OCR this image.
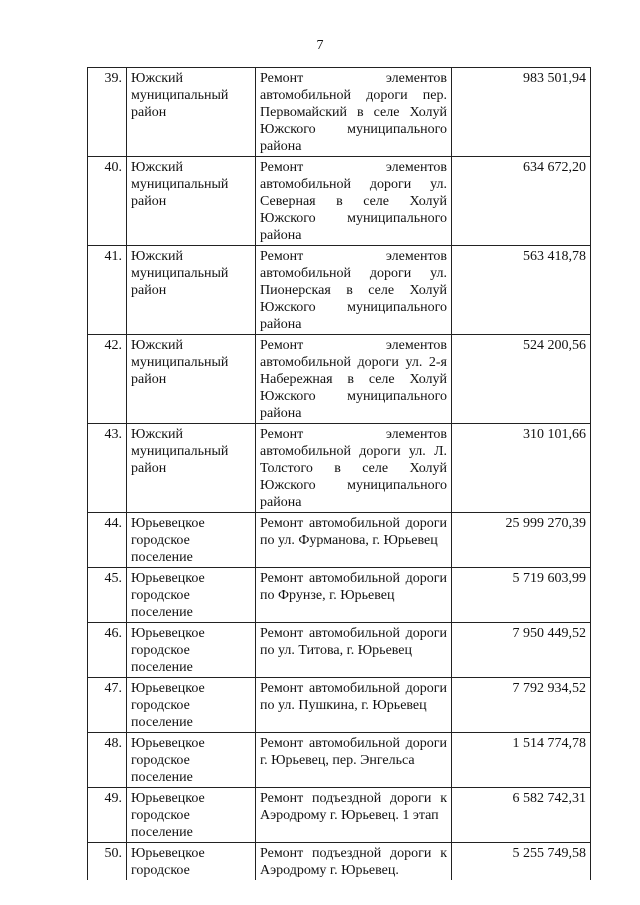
7
39.	Южский муниципальный район	Ремонт элементов автомобильной дороги пер. Первомайский в селе Холуй Южского муниципального района	983 501,94
40.	Южский муниципальный район	Ремонт элементов автомобильной дороги ул. Северная в селе Холуй Южского муниципального района	634 672,20
41.	Южский муниципальный район	Ремонт элементов автомобильной дороги ул. Пионерская в селе Холуй Южского муниципального района	563 418,78
42.	Южский муниципальный район	Ремонт элементов автомобильной дороги ул. 2-я Набережная в селе Холуй Южского муниципального района	524 200,56
43.	Южский муниципальный район	Ремонт элементов автомобильной дороги ул. Л. Толстого в селе Холуй Южского муниципального района	310 101,66
44.	Юрьевецкое городское поселение	Ремонт автомобильной дороги по ул. Фурманова, г. Юрьевец	25 999 270,39
45.	Юрьевецкое городское поселение	Ремонт автомобильной дороги по Фрунзе, г. Юрьевец	5 719 603,99
46.	Юрьевецкое городское поселение	Ремонт автомобильной дороги по ул. Титова, г. Юрьевец	7 950 449,52
47.	Юрьевецкое городское поселение	Ремонт автомобильной дороги по ул. Пушкина, г. Юрьевец	7 792 934,52
48.	Юрьевецкое городское поселение	Ремонт автомобильной дороги г. Юрьевец, пер. Энгельса	1 514 774,78
49.	Юрьевецкое городское поселение	Ремонт подъездной дороги к Аэродрому г. Юрьевец. 1 этап	6 582 742,31
50.	Юрьевецкое городское	Ремонт подъездной дороги к Аэродрому г. Юрьевец.	5 255 749,58
